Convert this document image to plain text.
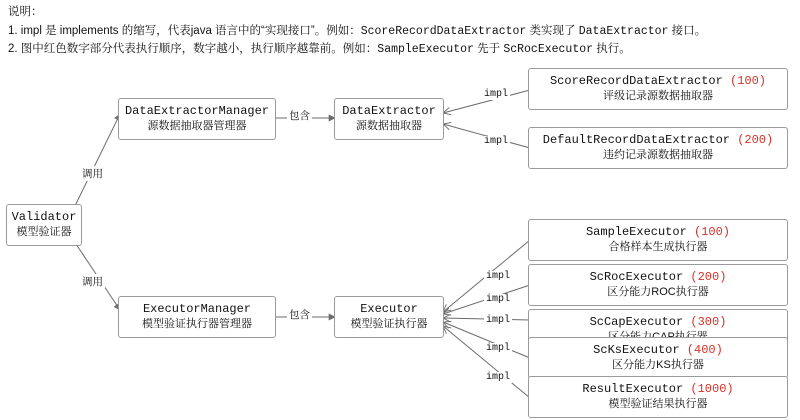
说明：
1. impl 是 implements 的缩写，代表java 语言中的“实现接口”。例如：ScoreRecordDataExtractor 类实现了 DataExtractor 接口。
2. 图中红色数字部分代表执行顺序，数字越小，执行顺序越靠前。例如：SampleExecutor 先于 ScRocExecutor 执行。
Validator
模型验证器
DataExtractorManager
源数据抽取器管理器
DataExtractor
源数据抽取器
ScoreRecordDataExtractor (100)
评级记录源数据抽取器
DefaultRecordDataExtractor (200)
违约记录源数据抽取器
ExecutorManager
模型验证执行器管理器
Executor
模型验证执行器
SampleExecutor (100)
合格样本生成执行器
ScRocExecutor (200)
区分能力ROC执行器
ScCapExecutor (300)
ScKsExecutor (400)
区分能力KS执行器
ResultExecutor (1000)
模型验证结果执行器
调用
调用
包含
包含
impl
impl
impl
impl
impl
impl
impl
